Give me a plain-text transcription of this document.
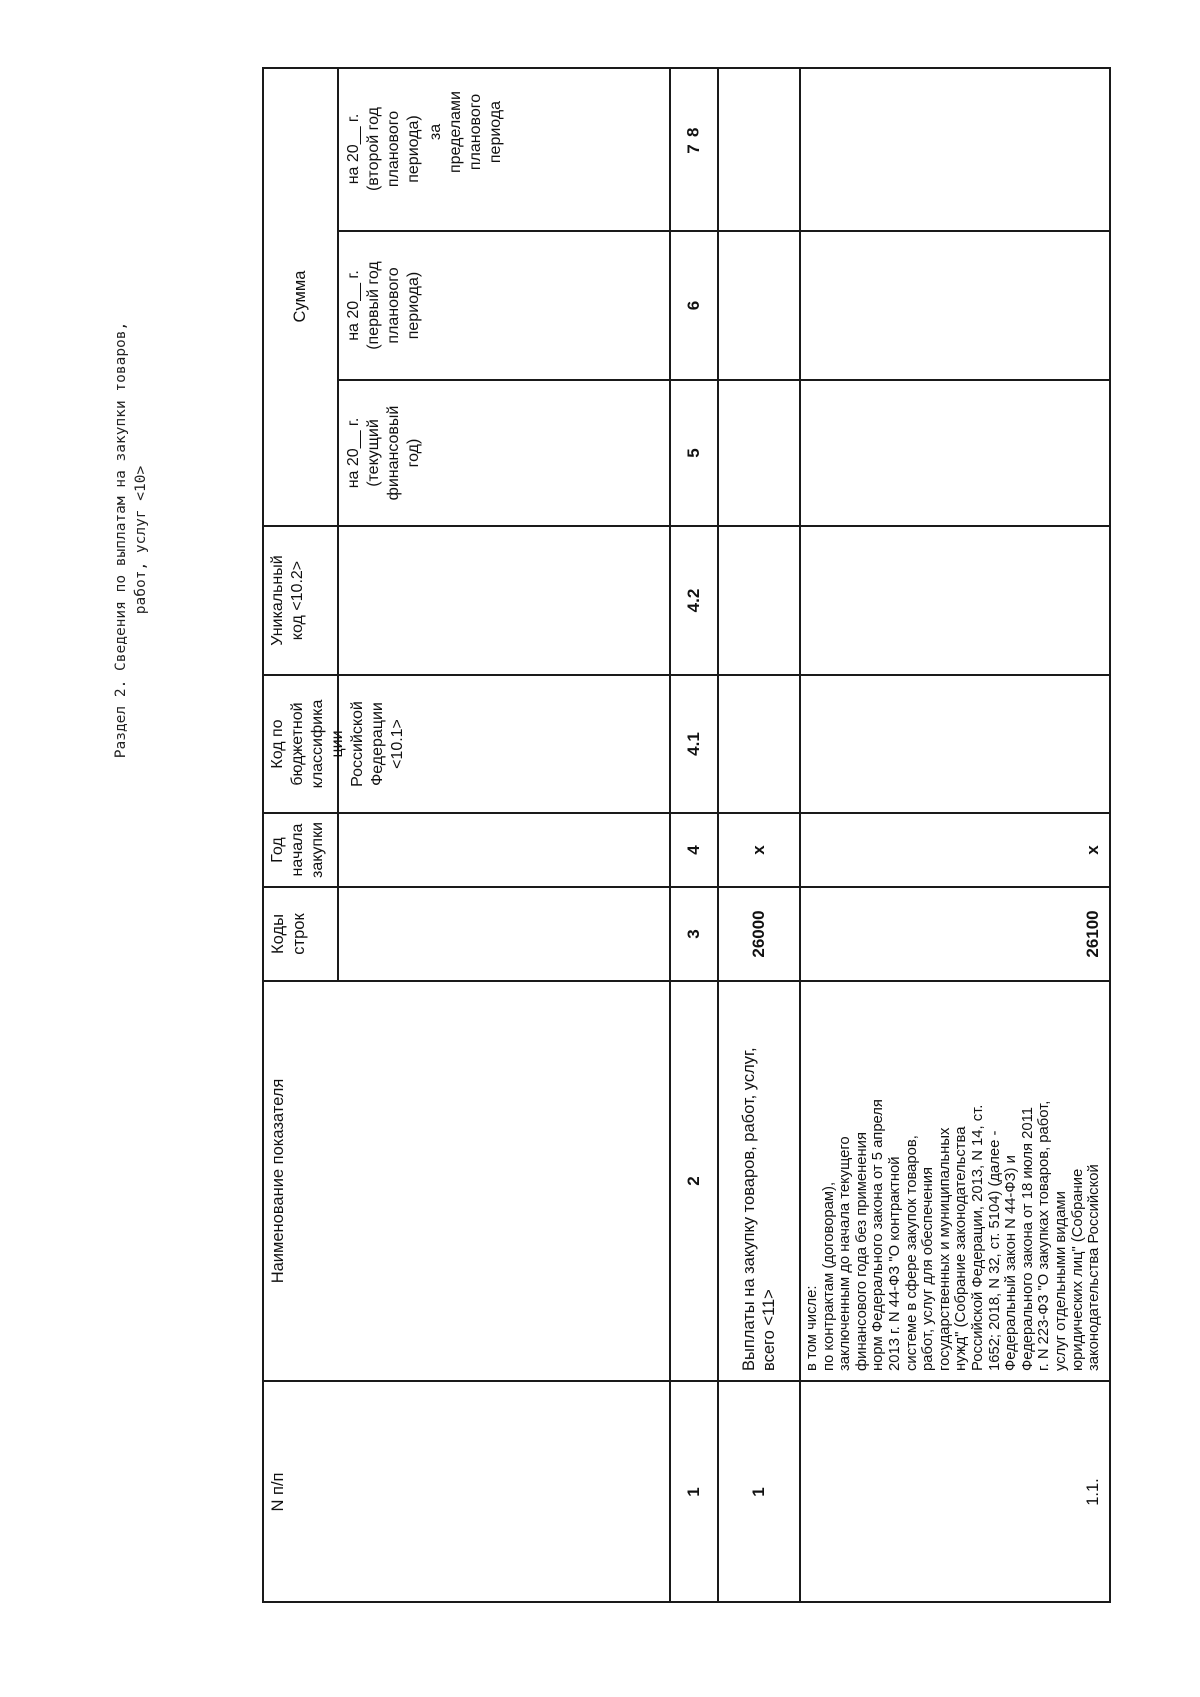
Раздел 2. Сведения по выплатам на закупки товаров, работ, услуг <10>
N п/п
Наименование показателя
Коды
строк
Год
начала
закупки
Код по
бюджетной
классифика
ции
Российской
Федерации
<10.1>
Уникальный
код <10.2>
Сумма
на 20__ г.
(текущий
финансовый
год)
на 20__ г.
(первый год
планового
периода)
на 20__ г.
(второй год
планового
периода)
1
2
3
4
4.1
4.2
5
6
7
1
Выплаты на закупку товаров, работ, услуг,
всего <11>
26000
x
1.1.
в том числе:
по контрактам (договорам),
заключенным до начала текущего
финансового года без применения
норм Федерального закона от 5 апреля
2013 г. N 44-ФЗ "О контрактной
системе в сфере закупок товаров,
работ, услуг для обеспечения
государственных и муниципальных
нужд" (Собрание законодательства
Российской Федерации, 2013, N 14, ст.
1652; 2018, N 32, ст. 5104) (далее -
Федеральный закон N 44-ФЗ) и
Федерального закона от 18 июля 2011
г. N 223-ФЗ "О закупках товаров, работ,
услуг отдельными видами
юридических лиц" (Собрание
законодательства Российской
26100
x
за
пределами
планового
периода	8
